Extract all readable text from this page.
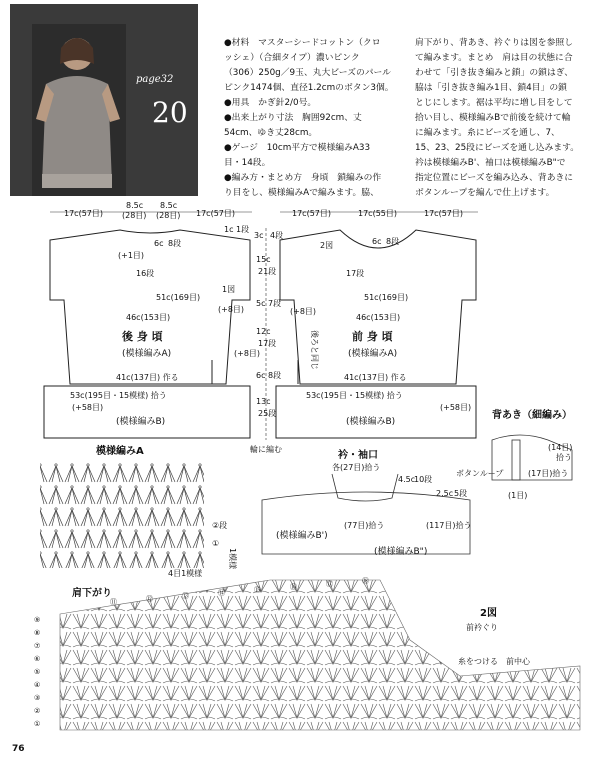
page32
20

●材料　マスターシードコットン（クロ

ッシェ）（合細タイプ）濃いピンク

（306）250g／9玉、丸大ビーズのパール

ピンク1474個、直径1.2cmのボタン3個。

●用具　かぎ針2/0号。

●出来上がり寸法　胸囲92cm、丈

54cm、ゆき丈28cm。

●ゲージ　10cm平方で模様編みA33

目・14段。

●編み方・まとめ方　身頃　鎖編みの作

り目をし、模様編みAで編みます。脇、

肩下がり、背あき、衿ぐりは図を参照し

て編みます。まとめ　肩は目の状態に合

わせて「引き抜き編みと鎖」の鎖はぎ、

脇は「引き抜き編み1目、鎖4目」の鎖

とじにします。裾は平均に増し目をして

拾い目し、模様編みBで前後を続けて輪

に編みます。糸にビーズを通し、7、

15、23、25段にビーズを通し込みます。

衿は模様編みB'、袖口は模様編みB"で

指定位置にビーズを編み込み、背あきに

ボタンループを編んで仕上げます。

17c(57目)
8.5c
(28目)
8.5c
(28目) 17c(57目)
1c 1段
6c 8段
(+1目)
16段
51c(169目)
1図
(+8目)
46c(153目)
後 身 頃
(模様編みA)
41c(137目) 作る
53c(195目・15模様) 拾う
(+58目)
(模様編みB)
3c 4段
15c
21段
5c 7段
12c
17段
6c 8段
13c
25段
輪に編む
後ろと同じ
(+8目)
17c(57目)	17c(55目)	17c(57目)
2図	6c 8段
17段
51c(169目)
(+8目)
46c(153目)
前 身 頃
(模様編みA)
41c(137目) 作る
53c(195目・15模様) 拾う
(+58目)
(模様編みB)
背あき（細編み）
(14目)
拾う
ボタンループ	(17目)拾う
(1目)
模様編みA
②段
①
1模様
4目1模様
衿・袖口
各(27目)拾う
4.5c
10段
2.5c 5段
(77目)拾う	(117目)拾う
(模様編みB')
(模様編みB")
肩下がり
2図
前衿ぐり
糸をつける 前中心
①
②
③
④
⑤
⑥
⑦
⑧
⑨
⑪	⑫	⑬	⑭	⑮	⑯	⑰	⑱
76
